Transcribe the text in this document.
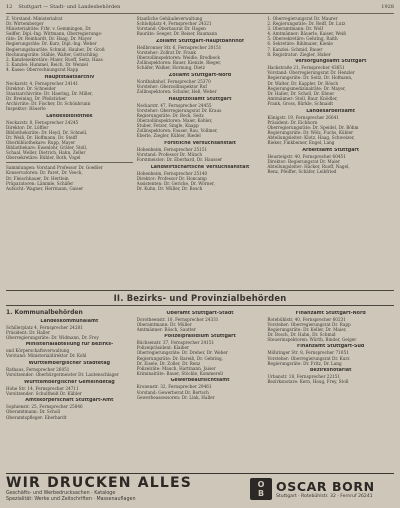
12	Stuttgart — Stadt- und Landesbehörden	1928
Z. Vorstand: Ministerialrat
Dr. Wirtemberger
Ministerialräte: Frhr. v. Gemmingen, Dr.
Seiffer, Dipl.-Ing. Wittmann, Oberregierungs-
räte: Dr. Reinhardt, Dr. Haag, Dr. Mayer
Regierungsräte: Dr. Kurz, Dipl.-Ing. Weber
Regierungsbauräte: Schmid, Hauber, Dr. Groß
Rechnungsräte: Stähle, Walter, Gottschling
2. Kanzleisekretäre: Maier, Ruoff, Seitz, Haas
3. Kanzlei: Hummel, Reich, Dr. Wenzel
4. Kasse: Oberrechnungsrat Rapp
Hauptstaatsarchiv
Neckarstr. 4, Fernsprecher 24141
Direktor: Dr. Schneider
Staatsarchivräte: Dr. Haering, Dr. Miller,
Dr. Breining, Dr. Pfeilsticker
Archivräte: Dr. Fischer, Dr. Schönbrunn
Inspektor: Bäuerle
Landesbibliothek
Neckarstr. 8, Fernsprecher 24245
Direktor: Dr. Löffler
Bibliotheksräte: Dr. Heyd, Dr. Schnell,
Dr. Weiß, Dr. Hoffmann, Dr. Steiff
Oberbibliothekare: Rupp, Mayer
Bibliothekare: Eisenlohr, Gräter, Stoll,
Schaal, Weller, Dietrich, Hahn, Zeller
Obersekretäre: Bühler, Roth, Vogel
Sammlungen: Vorstand Professor Dr. Goeßler
Konservatoren: Dr. Paret, Dr. Veeck,
Dr. Fleischhauer, Dr. Hertlein
Präparatoren: Lämmle, Schäfer
Aufsicht: Wagner, Herrmann, Gaiser
Staatliche Gebäudeverwaltung
Schloßplatz 4, Fernsprecher 24321
Vorstand: Oberbaurat Dr. Hagen
Bauräte: Seeger, Dr. Reiser, Baumann
Zollamt Stuttgart-Hauptbahnhof
Heilbronner Str. 6, Fernsprecher 20151
Vorsteher: Zollrat Dr. Frank
Oberzollinspektoren: Weidle, Brodbeck
Zollinspektoren: Bauer, Kienzle, Rieger,
Schäfer, Walker, Hornung, Dietz
Zollamt Stuttgart-Nord
Nordbahnhof, Fernsprecher 25370
Vorsteher: Oberzollinspektor Ruf
Zollinspektoren: Schuler, Heß, Weber
Hauptzollamt Stuttgart
Neckarstr. 47, Fernsprecher 24455
Vorsteher: Oberregierungsrat Dr. Kraus
Regierungsräte: Dr. Beck, Seitz
Oberzollinspektoren: Maier, Kohler,
Stuber, Fetzer, Single, Knapp
Zollinspektoren: Fauser, Rau, Vollmer,
Eberle, Ziegler, Kübler, Riedel
Forstliche Versuchsanstalt
Hohenheim, Fernsprecher 25151
Vorstand: Professor Dr. Münch
Forstmeister: Dr. Eberhard, Dr. Hausser
Landwirtschaftliche Versuchsanstalt
Hohenheim, Fernsprecher 25140
Direktor: Professor Dr. Honcamp
Assistenten: Dr. Gericke, Dr. Wörner,
Dr. Kuhn, Dr. Müller, Dr. Bosch
1. Oberregierungsrat Dr. Maurer
2. Regierungsräte: Dr. Reiff, Dr. Lutz
3. Oberamtmann: Dr. Wolf
4. Amtmänner: Bäuerle, Kaiser, Weiß
5. Obersekretäre: Gehring, Raith
6. Sekretäre: Bihlmaier, Kienle
7. Kanzlei: Schmid, Bauer
8. Registratur: Ziegler, Huber
Versorgungsamt Stuttgart
Hackstraße 21, Fernsprecher 43651
Vorstand: Oberregierungsrat Dr. Henzler
Regierungsräte: Dr. Seitz, Dr. Hofmann,
Dr. Walter, Dr. Kappler, Dr. Rösch
Regierungsmedizinalräte: Dr. Mayer,
Dr. Haller, Dr. Scholl, Dr. Ebner
Amtmänner: Stoll, Baur, Knödler,
Frank, Gross, Bürkle, Schnaidt
Landesarbeitsamt
Königstr. 19, Fernsprecher 26641
Präsident: Dr. Eichhorn
Oberregierungsräte: Dr. Speidel, Dr. Böhm
Regierungsräte: Dr. Wölz, Fuchs, Kübler
Abteilungsleiter: Klotz, Haag, Schweizer,
Rieker, Finkbeiner, Engel, Lang
Arbeitsamt Stuttgart
Heusteigstr. 40, Fernsprecher 60451
Direktor: Regierungsrat Dr. Maier
Abteilungsleiter: Häcker, Ruoff, Nagel,
Renz, Pfeiffer, Schäfer, Leibfried
II. Bezirks- und Provinzialbehörden
1. Kommunalbehörden
Landeskommunalamt
Schillerplatz 4, Fernsprecher 24281
Präsident: Dr. Haller
Oberregierungsräte: Dr. Widmann, Dr. Frey
Ministerialabteilung für Bezirks-
und Körperschaftsverwaltung
Vorstand: Ministerialdirektor Dr. Kohl
Württembergischer Städtetag
Rathaus, Fernsprecher 26051
Vorsitzender: Oberbürgermeister Dr. Lautenschlager
Württembergischer Gemeindetag
Hohe Str. 14, Fernsprecher 24711
Vorsitzender: Schultheiß Dr. Kübler
Amtskörperschaft Stuttgart-Amt
Sophienstr. 25, Fernsprecher 25846
Oberamtmann: Dr. Scholl
Oberamtspfleger: Eberhardt
Oberamt Stuttgart-Stadt
Dorotheenstr. 10, Fernsprecher 24331
Oberamtmann: Dr. Müller
Amtmänner: Rösch, Sautter
Polizeipräsidium Stuttgart
Büchsenstr. 37, Fernsprecher 24151
Polizeipräsident: Klaiber
Oberregierungsräte: Dr. Dreher, Dr. Weber
Regierungsräte: Dr. Bareiß, Dr. Gehring,
Dr. Eisele, Dr. Zoller, Dr. Renz
Polizeiräte: Mauch, Hartmann, Jaiser
Kriminalräte: Bauer, Stöckle, Kommerell
Gewerbeaufsichtsamt
Kronenstr. 32, Fernsprecher 29461
Vorstand: Gewerberat Dr. Bertsch
Gewerbeassessoren: Dr. Link, Haller
Finanzamt Stuttgart-Nord
Rotebühlstr. 40, Fernsprecher 60231
Vorsteher: Oberregierungsrat Dr. Rapp
Regierungsräte: Dr. Keller, Dr. Maier,
Dr. Bosch, Dr. Hahn, Dr. Schmid
Steuerinspektoren: Würth, Binder, Geiger
Finanzamt Stuttgart-Süd
Möhringer Str. 8, Fernsprecher 71051
Vorsteher: Oberregierungsrat Dr. Kurz
Regierungsräte: Dr. Fritz, Dr. Lang
Bezirksnotariat
Urbanstr. 18, Fernsprecher 22151
Bezirksnotare: Kern, Haug, Frey, Stoll
WIR DRUCKEN ALLES
Geschäfts- und Werbedrucksachen · Kataloge
Spezialität: Werke und Zeitschriften · Massenauflagen
O
B OSCAR BORN
Stuttgart · Rotebühlstr. 32 · Fernruf 26241
